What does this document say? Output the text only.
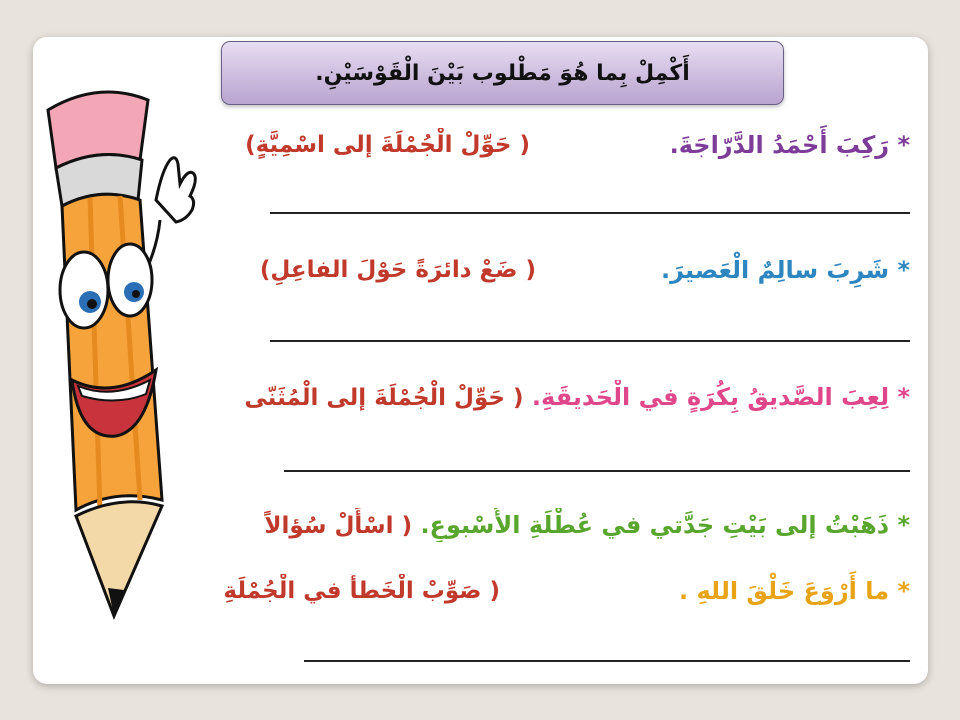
أَكْمِلْ بِما هُوَ مَطْلوب بَيْنَ الْقَوْسَيْنِ.
* رَكِبَ أَحْمَدُ الدَّرّاجَةَ.
( حَوِّلْ الْجُمْلَةَ إلى اسْمِيَّةٍ)
* شَرِبَ سالِمٌ الْعَصيرَ.
( ضَعْ دائرَةً حَوْلَ الفاعِلِ)
* لِعِبَ الصَّديقُ بِكُرَةٍ في الْحَديقَةِ. ( حَوِّلْ الْجُمْلَةَ إلى الْمُثَنّى
* ذَهَبْتُ إلى بَيْتِ جَدَّتي في عُطْلَةِ الأُسْبوعِ. ( اسْأَلْ سُؤالاً
* ما أَرْوَعَ خَلْقَ اللهِ .
( صَوِّبْ الْخَطأَ في الْجُمْلَةِ
